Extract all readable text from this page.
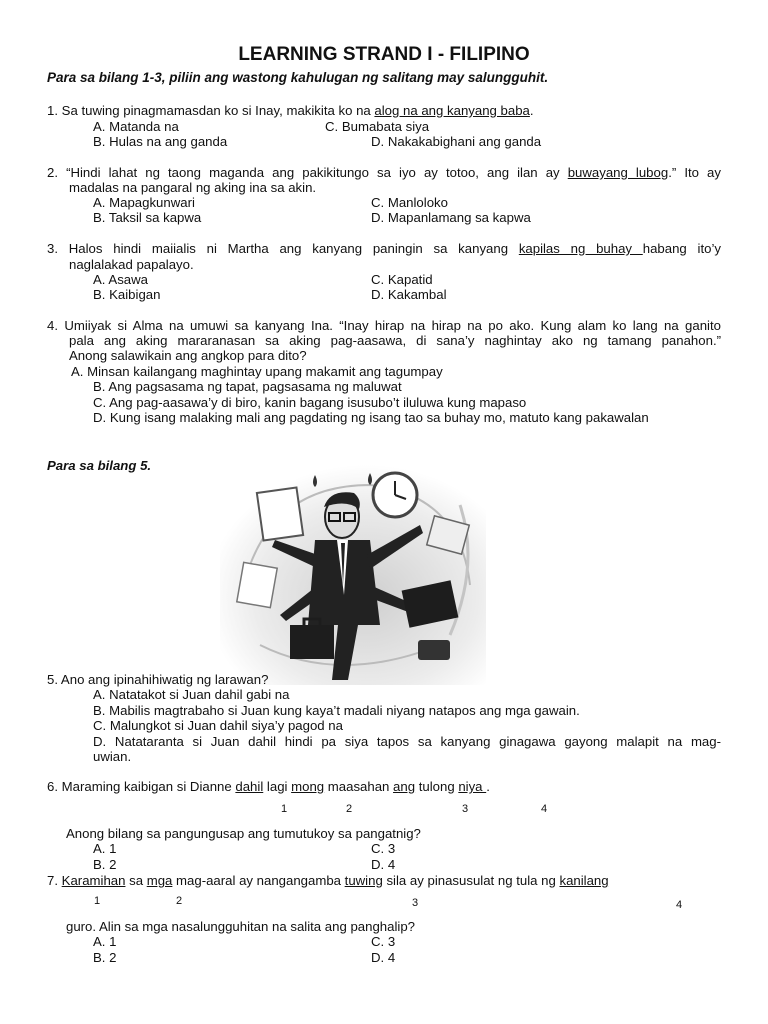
LEARNING STRAND I - FILIPINO
Para sa bilang 1-3, piliin ang wastong kahulugan ng salitang may salungguhit.
1. Sa tuwing pinagmamasdan ko si Inay, makikita ko na alog na ang kanyang baba.
A. Matanda na	C. Bumabata siya
B. Hulas na ang ganda	D. Nakakabighani ang ganda
2. “Hindi lahat ng taong maganda ang pakikitungo sa iyo ay totoo, ang ilan ay buwayang lubog.” Ito ay
madalas na pangaral ng aking ina sa akin.
A. Mapagkunwari	C. Manloloko
B. Taksil sa kapwa	D. Mapanlamang sa kapwa
3. Halos hindi maiialis ni Martha ang kanyang paningin sa kanyang kapilas ng buhay habang ito’y
naglalakad papalayo.
A. Asawa	C. Kapatid
B. Kaibigan	D. Kakambal
4. Umiiyak si Alma na umuwi sa kanyang Ina. “Inay hirap na hirap na po ako. Kung alam ko lang na ganito
pala ang aking mararanasan sa aking pag-aasawa, di sana’y naghintay ako ng tamang panahon.”
Anong salawikain ang angkop para dito?
A. Minsan kailangang maghintay upang makamit ang tagumpay
B. Ang pagsasama ng tapat, pagsasama ng maluwat
C. Ang pag-aasawa’y di biro, kanin bagang isusubo’t iluluwa kung mapaso
D. Kung isang malaking mali ang pagdating ng isang tao sa buhay mo, matuto kang pakawalan
Para sa bilang 5.
5. Ano ang ipinahihiwatig ng larawan?
A. Natatakot si Juan dahil gabi na
B. Mabilis magtrabaho si Juan kung kaya’t madali niyang natapos ang mga gawain.
C. Malungkot si Juan dahil siya’y pagod na
D. Natataranta si Juan dahil hindi pa siya tapos sa kanyang ginagawa gayong malapit na mag-
uwian.
6. Maraming kaibigan si Dianne dahil lagi mong maasahan ang tulong niya .
1	2	3	4
Anong bilang sa pangungusap ang tumutukoy sa pangatnig?
A. 1	C. 3
B. 2	D. 4
7. Karamihan sa mga mag-aaral ay nangangamba tuwing sila ay pinasusulat ng tula ng kanilang
1	2	3	4
guro. Alin sa mga nasalungguhitan na salita ang panghalip?
A. 1	C. 3
B. 2	D. 4
